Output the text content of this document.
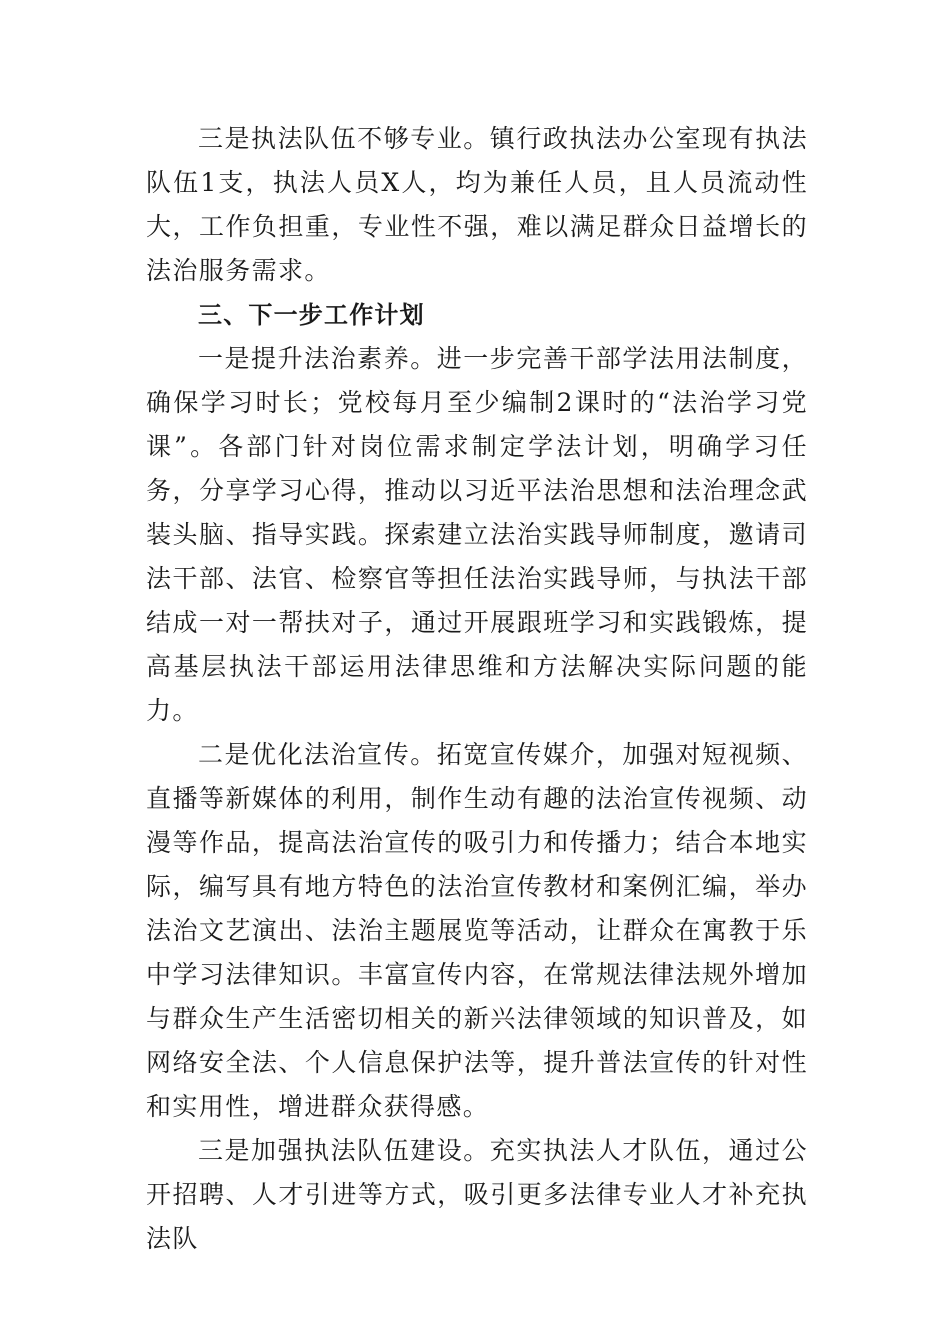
三是执法队伍不够专业。镇行政执法办公室现有执法队伍1支，执法人员X人，均为兼任人员，且人员流动性大，工作负担重，专业性不强，难以满足群众日益增长的法治服务需求。

三、下一步工作计划

一是提升法治素养。进一步完善干部学法用法制度，确保学习时长；党校每月至少编制2课时的“法治学习党课”。各部门针对岗位需求制定学法计划，明确学习任务，分享学习心得，推动以习近平法治思想和法治理念武装头脑、指导实践。探索建立法治实践导师制度，邀请司法干部、法官、检察官等担任法治实践导师，与执法干部结成一对一帮扶对子，通过开展跟班学习和实践锻炼，提高基层执法干部运用法律思维和方法解决实际问题的能力。

二是优化法治宣传。拓宽宣传媒介，加强对短视频、直播等新媒体的利用，制作生动有趣的法治宣传视频、动漫等作品，提高法治宣传的吸引力和传播力；结合本地实际，编写具有地方特色的法治宣传教材和案例汇编，举办法治文艺演出、法治主题展览等活动，让群众在寓教于乐中学习法律知识。丰富宣传内容，在常规法律法规外增加与群众生产生活密切相关的新兴法律领域的知识普及，如网络安全法、个人信息保护法等，提升普法宣传的针对性和实用性，增进群众获得感。

三是加强执法队伍建设。充实执法人才队伍，通过公开招聘、人才引进等方式，吸引更多法律专业人才补充执法队
